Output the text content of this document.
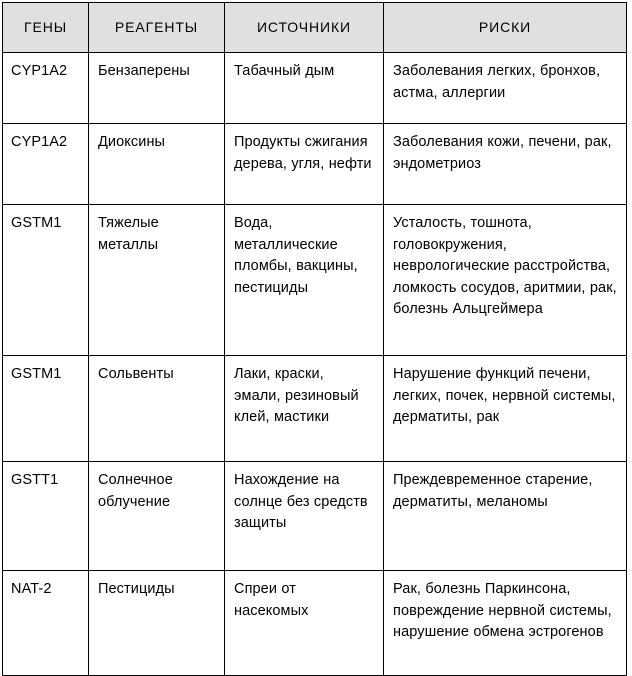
ГЕНЫ	РЕАГЕНТЫ	ИСТОЧНИКИ	РИСКИ
CYP1A2	Бензаперены	Табачный дым	Заболевания легких, бронхов, астма, аллергии
CYP1A2	Диоксины	Продукты сжигания дерева, угля, нефти	Заболевания кожи, печени, рак, эндометриоз
GSTM1	Тяжелые металлы	Вода, металлические пломбы, вакцины, пестициды	Усталость, тошнота, головокружения, неврологические расстройства, ломкость сосудов, аритмии, рак, болезнь Альцгеймера
GSTM1	Сольвенты	Лаки, краски, эмали, резиновый клей, мастики	Нарушение функций печени, легких, почек, нервной системы, дерматиты, рак
GSTT1	Солнечное облучение	Нахождение на солнце без средств защиты	Преждевременное старение, дерматиты, меланомы
NAT-2	Пестициды	Спреи от насекомых	Рак, болезнь Паркинсона, повреждение нервной системы, нарушение обмена эстрогенов
